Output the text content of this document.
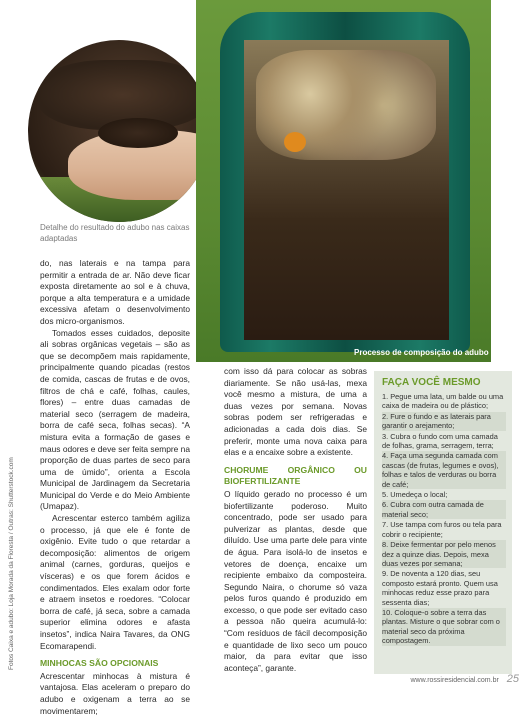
Detalhe do resultado do adubo nas caixas adaptadas
Processo de composição do adubo
Fotos Caixa e adubo: Loja Morada da Floresta / Outras: Shutterstock.com

do, nas laterais e na tampa para permitir a entrada de ar. Não deve ficar exposta diretamente ao sol e à chuva, porque a alta temperatura e a umidade excessiva afetam o desenvolvimento dos micro-organismos.

Tomados esses cuidados, deposite ali sobras orgânicas vegetais – são as que se decompõem mais rapidamente, principalmente quando picadas (restos de comida, cascas de frutas e de ovos, filtros de chá e café, folhas, caules, flores) – entre duas camadas de material seco (serragem de madeira, borra de café seca, folhas secas). “A mistura evita a formação de gases e maus odores e deve ser feita sempre na proporção de duas partes de seco para uma de úmido”, orienta a Escola Municipal de Jardinagem da Secretaria Municipal do Verde e do Meio Ambiente (Umapaz).

Acrescentar esterco também agiliza o processo, já que ele é fonte de oxigênio. Evite tudo o que retardar a decomposição: alimentos de origem animal (carnes, gorduras, queijos e vísceras) e os que forem ácidos e condimentados. Eles exalam odor forte e atraem insetos e roedores. “Colocar borra de café, já seca, sobre a camada superior elimina odores e afasta insetos”, indica Naira Tavares, da ONG Ecomarapendi.

MINHOCAS SÃO OPCIONAIS

Acrescentar minhocas à mistura é vantajosa. Elas aceleram o preparo do adubo e oxigenam a terra ao se movimentarem;

com isso dá para colocar as sobras diariamente. Se não usá-las, mexa você mesmo a mistura, de uma a duas vezes por semana. Novas sobras podem ser refrigeradas e adicionadas a cada dois dias. Se preferir, monte uma nova caixa para elas e a encaixe sobre a existente.

CHORUME ORGÂNICO OU BIOFERTILIZANTE

O líquido gerado no processo é um biofertilizante poderoso. Muito concentrado, pode ser usado para pulverizar as plantas, desde que diluído. Use uma parte dele para vinte de água. Para isolá-lo de insetos e vetores de doença, encaixe um recipiente embaixo da composteira. Segundo Naira, o chorume só vaza pelos furos quando é produzido em excesso, o que pode ser evitado caso a pessoa não queira acumulá-lo: “Com resíduos de fácil decomposição e quantidade de lixo seco um pouco maior, da para evitar que isso aconteça”, garante.

FAÇA VOCÊ MESMO
1. Pegue uma lata, um balde ou uma caixa de madeira ou de plástico;
2. Fure o fundo e as laterais para garantir o arejamento;
3. Cubra o fundo com uma camada de folhas, grama, serragem, terra;
4. Faça uma segunda camada com cascas (de frutas, legumes e ovos), folhas e talos de verduras ou borra de café;
5. Umedeça o local;
6. Cubra com outra camada de material seco;
7. Use tampa com furos ou tela para cobrir o recipiente;
8. Deixe fermentar por pelo menos dez a quinze dias. Depois, mexa duas vezes por semana;
9. De noventa a 120 dias, seu composto estará pronto. Quem usa minhocas reduz esse prazo para sessenta dias;
10. Coloque-o sobre a terra das plantas. Misture o que sobrar com o material seco da próxima compostagem.
www.rossiresidencial.com.br 25
